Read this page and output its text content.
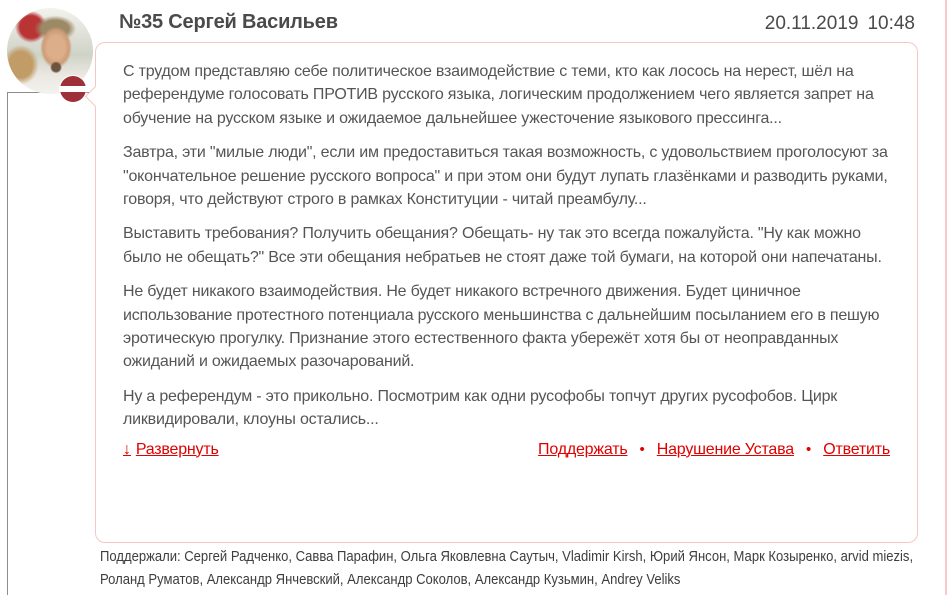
№35 Сергей Васильев	20.11.2019 10:48

С трудом представляю себе политическое взаимодействие с теми, кто как лосось на нерест, шёл на референдуме голосовать ПРОТИВ русского языка, логическим продолжением чего является запрет на обучение на русском языке и ожидаемое дальнейшее ужесточение языкового прессинга...

Завтра, эти "милые люди", если им предоставиться такая возможность, с удовольствием проголосуют за "окончательное решение русского вопроса" и при этом они будут лупать глазёнками и разводить руками, говоря, что действуют строго в рамках Конституции - читай преамбулу...

Выставить требования? Получить обещания? Обещать- ну так это всегда пожалуйста. "Ну как можно было не обещать?" Все эти обещания небратьев не стоят даже той бумаги, на которой они напечатаны.

Не будет никакого взаимодействия. Не будет никакого встречного движения. Будет циничное использование протестного потенциала русского меньшинства с дальнейшим посыланием его в пешую эротическую прогулку. Признание этого естественного факта убережёт хотя бы от неоправданных ожиданий и ожидаемых разочарований.

Ну а референдум - это прикольно. Посмотрим как одни русофобы топчут других русофобов. Цирк ликвидировали, клоуны остались...

↓ Развернуть	Поддержать • Нарушение Устава • Ответить
Поддержали: Сергей Радченко, Савва Парафин, Ольга Яковлевна Саутыч, Vladimir Kirsh, Юрий Янсон, Марк Козыренко, arvid miezis, Роланд Руматов, Александр Янчевский, Александр Соколов, Александр Кузьмин, Andrey Veliks
